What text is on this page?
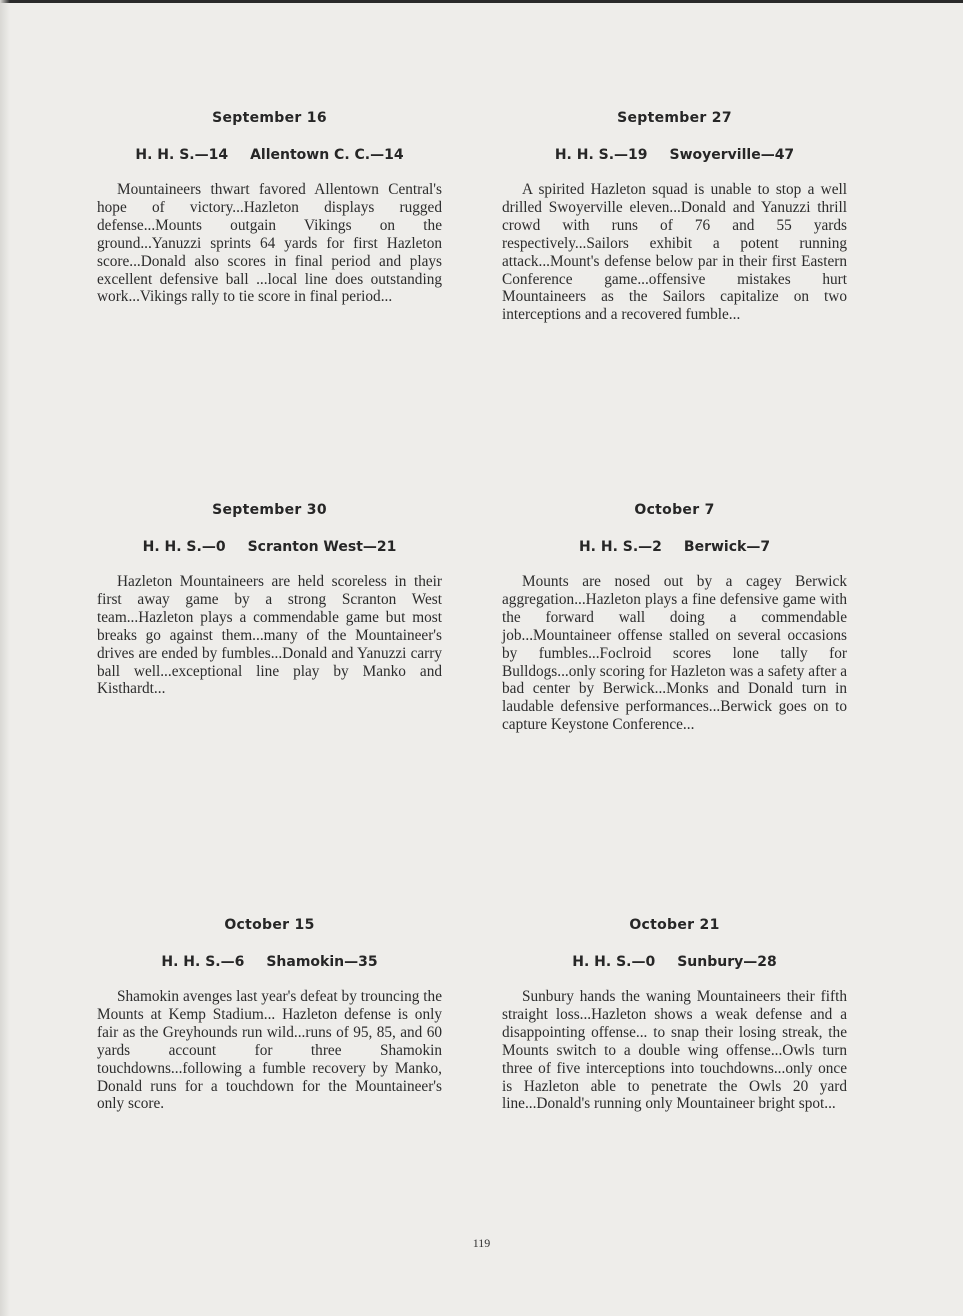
September 16
H. H. S.—14 Allentown C. C.—14
Mountaineers thwart favored Allentown Central's hope of victory...Hazleton displays rugged defense...Mounts outgain Vikings on the ground...Yanuzzi sprints 64 yards for first Hazleton score...Donald also scores in final period and plays excellent defensive ball ...local line does outstanding work...Vikings rally to tie score in final period...
September 27
H. H. S.—19 Swoyerville—47
A spirited Hazleton squad is unable to stop a well drilled Swoyerville eleven...Donald and Yanuzzi thrill crowd with runs of 76 and 55 yards respectively...Sailors exhibit a potent running attack...Mount's defense below par in their first Eastern Conference game...offensive mistakes hurt Mountaineers as the Sailors capitalize on two interceptions and a recovered fumble...
September 30
H. H. S.—0 Scranton West—21
Hazleton Mountaineers are held scoreless in their first away game by a strong Scranton West team...Hazleton plays a commendable game but most breaks go against them...many of the Mountaineer's drives are ended by fumbles...Donald and Yanuzzi carry ball well...exceptional line play by Manko and Kisthardt...
October 7
H. H. S.—2 Berwick—7
Mounts are nosed out by a cagey Berwick aggregation...Hazleton plays a fine defensive game with the forward wall doing a commendable job...Mountaineer offense stalled on several occasions by fumbles...Foclroid scores lone tally for Bulldogs...only scoring for Hazleton was a safety after a bad center by Berwick...Monks and Donald turn in laudable defensive performances...Berwick goes on to capture Keystone Conference...
October 15
H. H. S.—6 Shamokin—35
Shamokin avenges last year's defeat by trouncing the Mounts at Kemp Stadium... Hazleton defense is only fair as the Greyhounds run wild...runs of 95, 85, and 60 yards account for three Shamokin touchdowns...following a fumble recovery by Manko, Donald runs for a touchdown for the Mountaineer's only score.
October 21
H. H. S.—0 Sunbury—28
Sunbury hands the waning Mountaineers their fifth straight loss...Hazleton shows a weak defense and a disappointing offense... to snap their losing streak, the Mounts switch to a double wing offense...Owls turn three of five interceptions into touchdowns...only once is Hazleton able to penetrate the Owls 20 yard line...Donald's running only Mountaineer bright spot...
119
